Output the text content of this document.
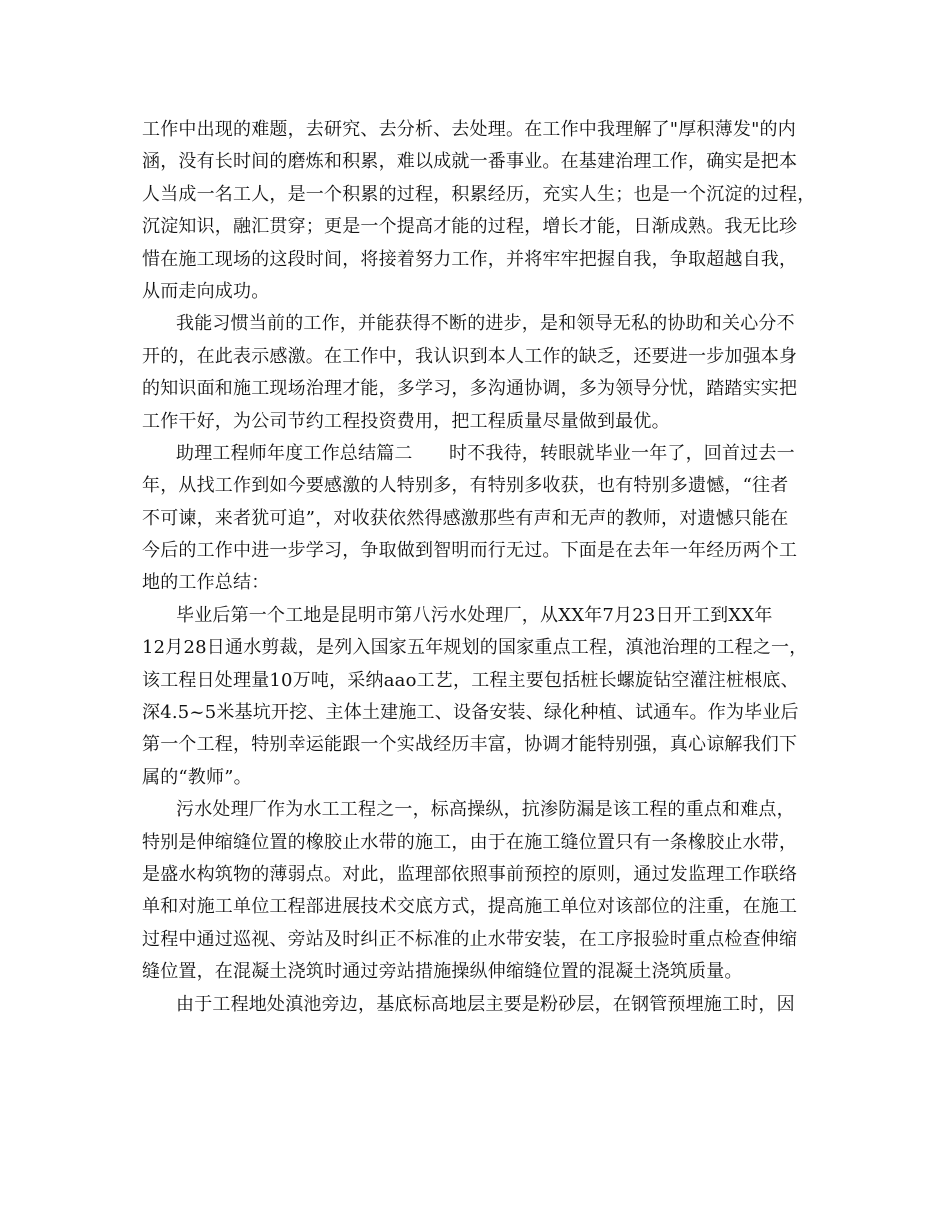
工作中出现的难题，去研究、去分析、去处理。在工作中我理解了"厚积薄发"的内
涵，没有长时间的磨炼和积累，难以成就一番事业。在基建治理工作，确实是把本
人当成一名工人，是一个积累的过程，积累经历，充实人生；也是一个沉淀的过程，
沉淀知识，融汇贯穿；更是一个提高才能的过程，增长才能，日渐成熟。我无比珍
惜在施工现场的这段时间，将接着努力工作，并将牢牢把握自我，争取超越自我，
从而走向成功。
我能习惯当前的工作，并能获得不断的进步，是和领导无私的协助和关心分不
开的，在此表示感激。在工作中，我认识到本人工作的缺乏，还要进一步加强本身
的知识面和施工现场治理才能，多学习，多沟通协调，多为领导分忧，踏踏实实把
工作干好，为公司节约工程投资费用，把工程质量尽量做到最优。
助理工程师年度工作总结篇二　　时不我待，转眼就毕业一年了，回首过去一
年，从找工作到如今要感激的人特别多，有特别多收获，也有特别多遗憾，“往者
不可谏，来者犹可追”，对收获依然得感激那些有声和无声的教师，对遗憾只能在
今后的工作中进一步学习，争取做到智明而行无过。下面是在去年一年经历两个工
地的工作总结：
毕业后第一个工地是昆明市第八污水处理厂，从XX年7月23日开工到XX年
12月28日通水剪裁，是列入国家五年规划的国家重点工程，滇池治理的工程之一，
该工程日处理量10万吨，采纳aao工艺，工程主要包括桩长螺旋钻空灌注桩根底、
深4.5~5米基坑开挖、主体土建施工、设备安装、绿化种植、试通车。作为毕业后
第一个工程，特别幸运能跟一个实战经历丰富，协调才能特别强，真心谅解我们下
属的“教师”。
污水处理厂作为水工工程之一，标高操纵，抗渗防漏是该工程的重点和难点，
特别是伸缩缝位置的橡胶止水带的施工，由于在施工缝位置只有一条橡胶止水带，
是盛水构筑物的薄弱点。对此，监理部依照事前预控的原则，通过发监理工作联络
单和对施工单位工程部进展技术交底方式，提高施工单位对该部位的注重，在施工
过程中通过巡视、旁站及时纠正不标准的止水带安装，在工序报验时重点检查伸缩
缝位置，在混凝土浇筑时通过旁站措施操纵伸缩缝位置的混凝土浇筑质量。
由于工程地处滇池旁边，基底标高地层主要是粉砂层，在钢管预埋施工时，因
